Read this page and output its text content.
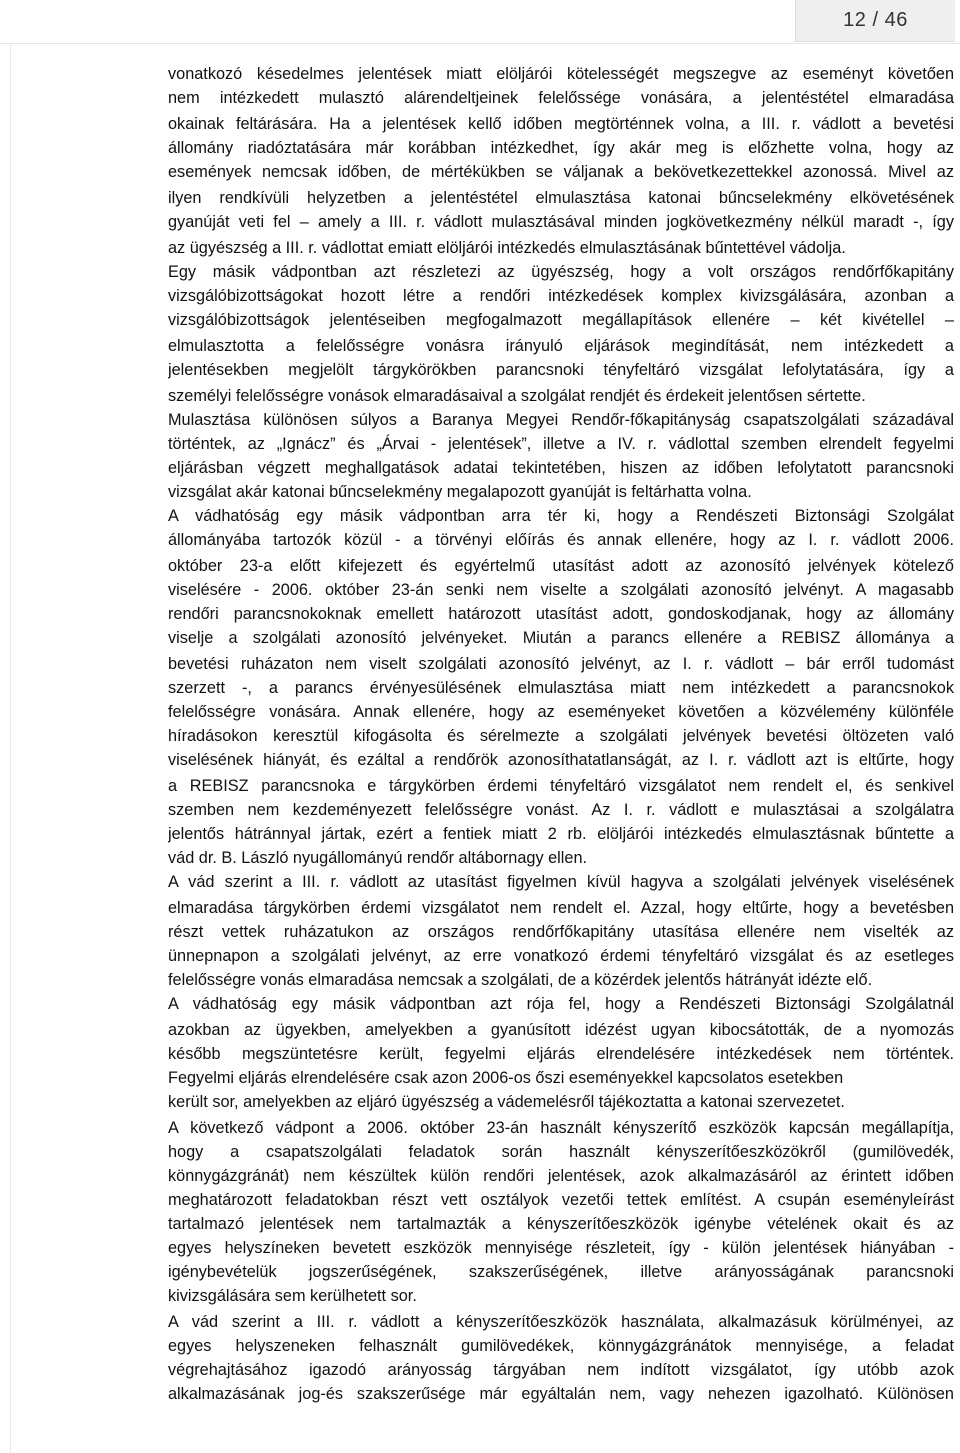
12 / 46
vonatkozó késedelmes jelentések miatt elöljárói kötelességét megszegve az eseményt követően
nem intézkedett mulasztó alárendeltjeinek felelőssége vonására, a jelentéstétel elmaradása
okainak feltárására. Ha a jelentések kellő időben megtörténnek volna, a III. r. vádlott a bevetési
állomány riadóztatására már korábban intézkedhet, így akár meg is előzhette volna, hogy az
események nemcsak időben, de mértékükben se váljanak a bekövetkezettekkel azonossá. Mivel az
ilyen rendkívüli helyzetben a jelentéstétel elmulasztása katonai bűncselekmény elkövetésének
gyanúját veti fel – amely a III. r. vádlott mulasztásával minden jogkövetkezmény nélkül maradt -, így
az ügyészség a III. r. vádlottat emiatt elöljárói intézkedés elmulasztásának bűntettével vádolja.
Egy másik vádpontban azt részletezi az ügyészség, hogy a volt országos rendőrfőkapitány
vizsgálóbizottságokat hozott létre a rendőri intézkedések komplex kivizsgálására, azonban a
vizsgálóbizottságok jelentéseiben megfogalmazott megállapítások ellenére – két kivétellel –
elmulasztotta a felelősségre vonásra irányuló eljárások megindítását, nem intézkedett a
jelentésekben megjelölt tárgykörökben parancsnoki tényfeltáró vizsgálat lefolytatására, így a
személyi felelősségre vonások elmaradásaival a szolgálat rendjét és érdekeit jelentősen sértette.
Mulasztása különösen súlyos a Baranya Megyei Rendőr-főkapitányság csapatszolgálati századával
történtek, az „Ignácz” és „Árvai - jelentések”, illetve a IV. r. vádlottal szemben elrendelt fegyelmi
eljárásban végzett meghallgatások adatai tekintetében, hiszen az időben lefolytatott parancsnoki
vizsgálat akár katonai bűncselekmény megalapozott gyanúját is feltárhatta volna.
A vádhatóság egy másik vádpontban arra tér ki, hogy a Rendészeti Biztonsági Szolgálat
állományába tartozók közül - a törvényi előírás és annak ellenére, hogy az I. r. vádlott 2006.
október 23-a előtt kifejezett és egyértelmű utasítást adott az azonosító jelvények kötelező
viselésére - 2006. október 23-án senki nem viselte a szolgálati azonosító jelvényt. A magasabb
rendőri parancsnokoknak emellett határozott utasítást adott, gondoskodjanak, hogy az állomány
viselje a szolgálati azonosító jelvényeket. Miután a parancs ellenére a REBISZ állománya a
bevetési ruházaton nem viselt szolgálati azonosító jelvényt, az I. r. vádlott – bár erről tudomást
szerzett -, a parancs érvényesülésének elmulasztása miatt nem intézkedett a parancsnokok
felelősségre vonására. Annak ellenére, hogy az eseményeket követően a közvélemény különféle
híradásokon keresztül kifogásolta és sérelmezte a szolgálati jelvények bevetési öltözeten való
viselésének hiányát, és ezáltal a rendőrök azonosíthatatlanságát, az I. r. vádlott azt is eltűrte, hogy
a REBISZ parancsnoka e tárgykörben érdemi tényfeltáró vizsgálatot nem rendelt el, és senkivel
szemben nem kezdeményezett felelősségre vonást. Az I. r. vádlott e mulasztásai a szolgálatra
jelentős hátránnyal jártak, ezért a fentiek miatt 2 rb. elöljárói intézkedés elmulasztásnak bűntette a
vád dr. B. László nyugállományú rendőr altábornagy ellen.
A vád szerint a III. r. vádlott az utasítást figyelmen kívül hagyva a szolgálati jelvények viselésének
elmaradása tárgykörben érdemi vizsgálatot nem rendelt el. Azzal, hogy eltűrte, hogy a bevetésben
részt vettek ruházatukon az országos rendőrfőkapitány utasítása ellenére nem viselték az
ünnepnapon a szolgálati jelvényt, az erre vonatkozó érdemi tényfeltáró vizsgálat és az esetleges
felelősségre vonás elmaradása nemcsak a szolgálati, de a közérdek jelentős hátrányát idézte elő.
A vádhatóság egy másik vádpontban azt rója fel, hogy a Rendészeti Biztonsági Szolgálatnál
azokban az ügyekben, amelyekben a gyanúsított idézést ugyan kibocsátották, de a nyomozás
később megszüntetésre került, fegyelmi eljárás elrendelésére intézkedések nem történtek.
Fegyelmi eljárás elrendelésére csak azon 2006-os őszi eseményekkel kapcsolatos esetekben
került sor, amelyekben az eljáró ügyészség a vádemelésről tájékoztatta a katonai szervezetet.
A következő vádpont a 2006. október 23-án használt kényszerítő eszközök kapcsán megállapítja,
hogy a csapatszolgálati feladatok során használt kényszerítőeszközökről (gumilövedék,
könnygázgránát) nem készültek külön rendőri jelentések, azok alkalmazásáról az érintett időben
meghatározott feladatokban részt vett osztályok vezetői tettek említést. A csupán eseményleírást
tartalmazó jelentések nem tartalmazták a kényszerítőeszközök igénybe vételének okait és az
egyes helyszíneken bevetett eszközök mennyisége részleteit, így - külön jelentések hiányában -
igénybevételük jogszerűségének, szakszerűségének, illetve arányosságának parancsnoki
kivizsgálására sem kerülhetett sor.
A vád szerint a III. r. vádlott a kényszerítőeszközök használata, alkalmazásuk körülményei, az
egyes helyszeneken felhasznált gumilövedékek, könnygázgránátok mennyisége, a feladat
végrehajtásához igazodó arányosság tárgyában nem indított vizsgálatot, így utóbb azok
alkalmazásának jog-és szakszerűsége már egyáltalán nem, vagy nehezen igazolható. Különösen
